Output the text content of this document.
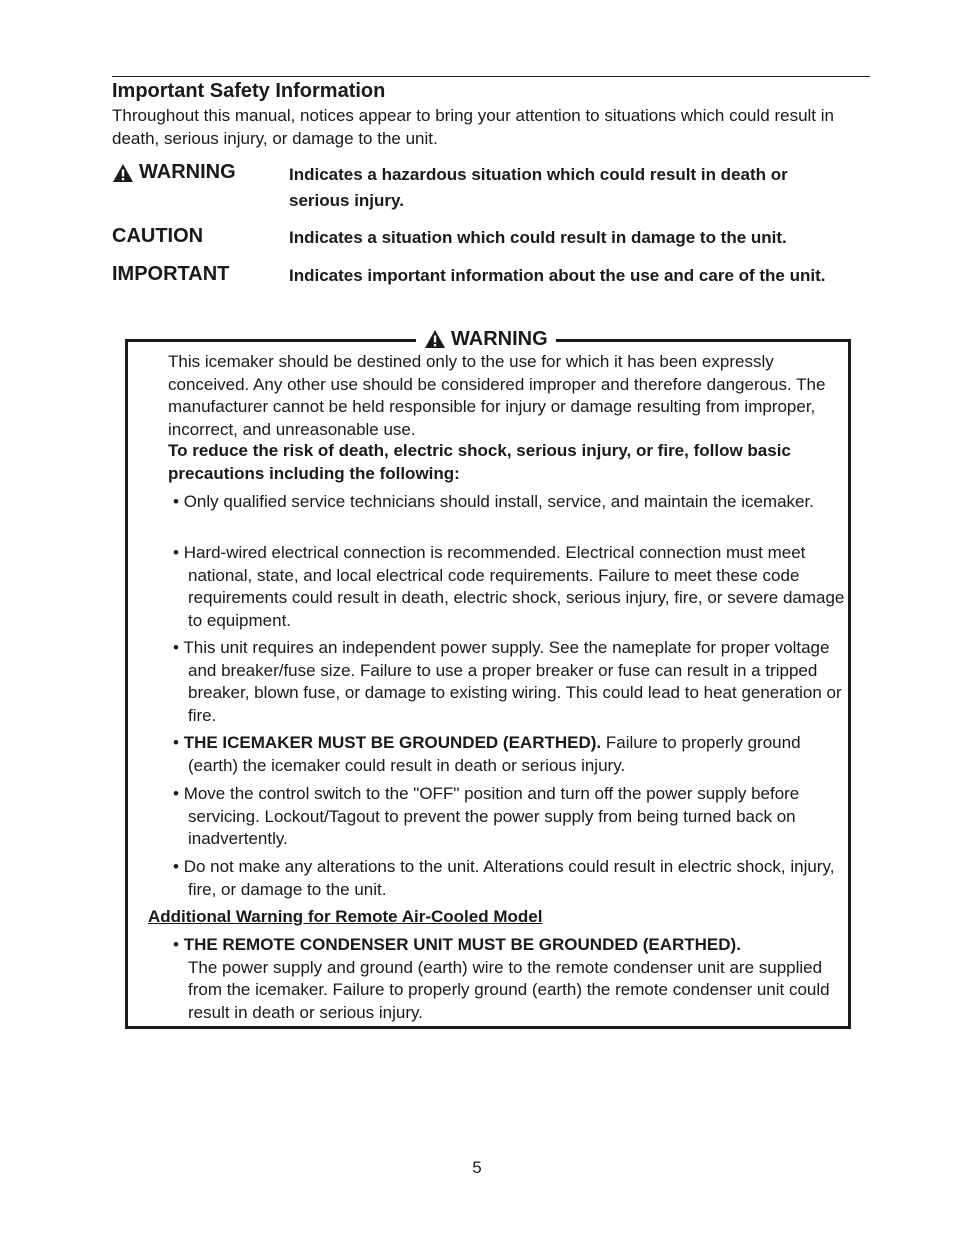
Important Safety Information

Throughout this manual, notices appear to bring your attention to situations which could result in death, serious injury, or damage to the unit.

WARNING	Indicates a hazardous situation which could result in death or serious injury.

CAUTION	Indicates a situation which could result in damage to the unit.

IMPORTANT	Indicates important information about the use and care of the unit.

WARNING

This icemaker should be destined only to the use for which it has been expressly conceived. Any other use should be considered improper and therefore dangerous. The manufacturer cannot be held responsible for injury or damage resulting from improper, incorrect, and unreasonable use.

To reduce the risk of death, electric shock, serious injury, or fire, follow basic precautions including the following:

• Only qualified service technicians should install, service, and maintain the icemaker.

• Hard-wired electrical connection is recommended. Electrical connection must meet national, state, and local electrical code requirements. Failure to meet these code requirements could result in death, electric shock, serious injury, fire, or severe damage to equipment.

• This unit requires an independent power supply. See the nameplate for proper voltage and breaker/fuse size. Failure to use a proper breaker or fuse can result in a tripped breaker, blown fuse, or damage to existing wiring. This could lead to heat generation or fire.

• THE ICEMAKER MUST BE GROUNDED (EARTHED). Failure to properly ground (earth) the icemaker could result in death or serious injury.

• Move the control switch to the "OFF" position and turn off the power supply before servicing. Lockout/Tagout to prevent the power supply from being turned back on inadvertently.

• Do not make any alterations to the unit. Alterations could result in electric shock, injury, fire, or damage to the unit.

Additional Warning for Remote Air-Cooled Model

• THE REMOTE CONDENSER UNIT MUST BE GROUNDED (EARTHED).
The power supply and ground (earth) wire to the remote condenser unit are supplied from the icemaker. Failure to properly ground (earth) the remote condenser unit could result in death or serious injury.

5
